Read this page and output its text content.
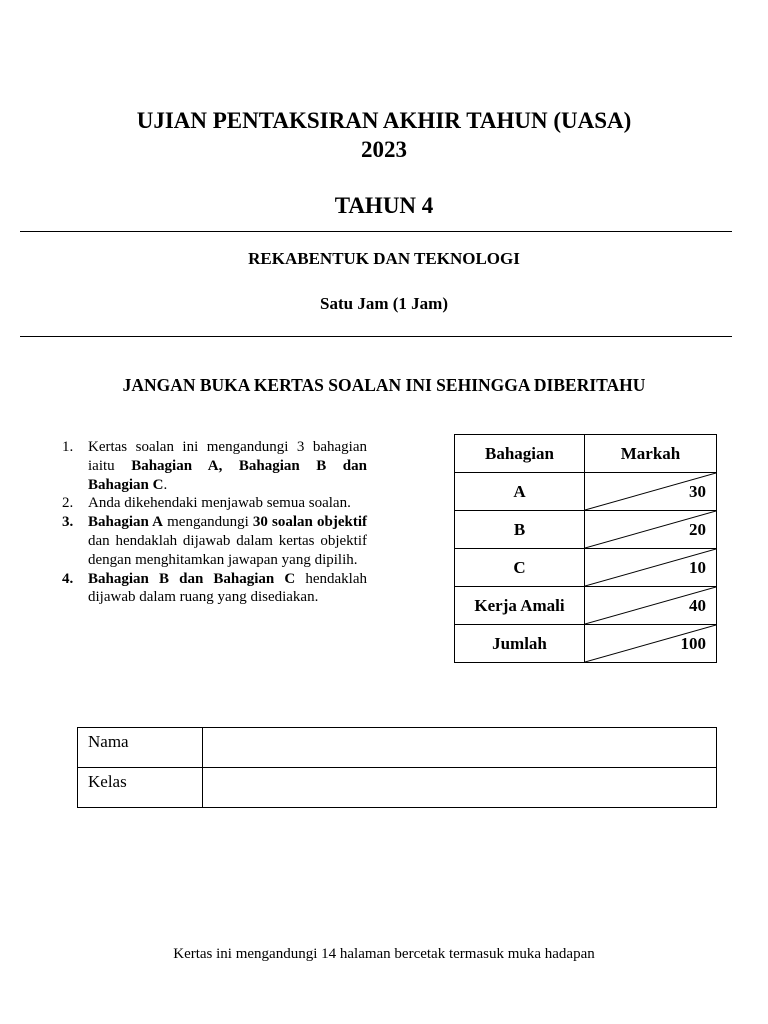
UJIAN PENTAKSIRAN AKHIR TAHUN (UASA)
2023
TAHUN 4
REKABENTUK DAN TEKNOLOGI
Satu Jam (1 Jam)
JANGAN BUKA KERTAS SOALAN INI SEHINGGA DIBERITAHU
1. Kertas soalan ini mengandungi 3 bahagian iaitu Bahagian A, Bahagian B dan Bahagian C.
2. Anda dikehendaki menjawab semua soalan.
3. Bahagian A mengandungi 30 soalan objektif dan hendaklah dijawab dalam kertas objektif dengan menghitamkan jawapan yang dipilih.
4. Bahagian B dan Bahagian C hendaklah dijawab dalam ruang yang disediakan.
Bahagian	Markah
A	30
B	20
C	10
Kerja Amali	40
Jumlah	100
Nama	
Kelas	
Kertas ini mengandungi 14 halaman bercetak termasuk muka hadapan
